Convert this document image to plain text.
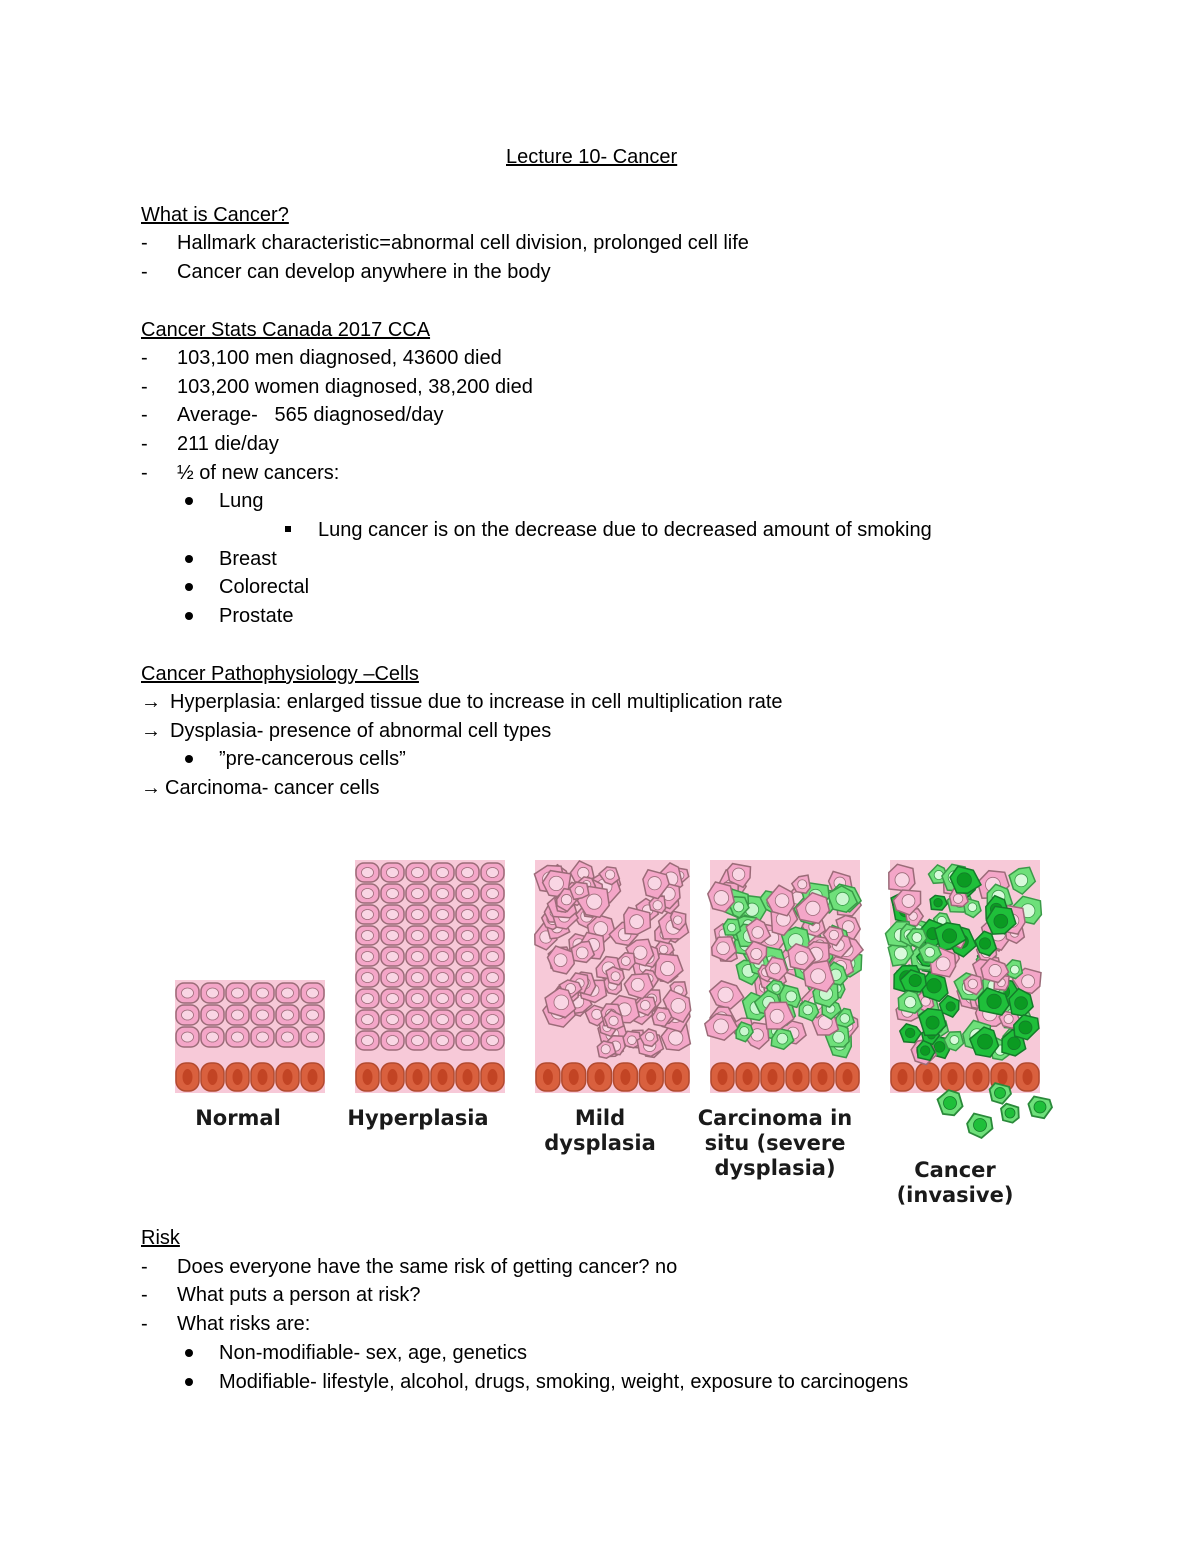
Lecture 10- Cancer
What is Cancer?
- Hallmark characteristic=abnormal cell division, prolonged cell life
- Cancer can develop anywhere in the body
Cancer Stats Canada 2017 CCA
- 103,100 men diagnosed, 43600 died
- 103,200 women diagnosed, 38,200 died
- Average-   565 diagnosed/day
- 211 die/day
- ½ of new cancers:
Lung
Lung cancer is on the decrease due to decreased amount of smoking
Breast
Colorectal
Prostate
Cancer Pathophysiology –Cells
→ Hyperplasia: enlarged tissue due to increase in cell multiplication rate
→ Dysplasia- presence of abnormal cell types
”pre-cancerous cells”
→ Carcinoma- cancer cells
Normal	Hyperplasia	Mild
dysplasia
Carcinoma in
situ (severe
dysplasia)	Cancer
(invasive)
Risk
- Does everyone have the same risk of getting cancer? no
- What puts a person at risk?
- What risks are:
Non-modifiable- sex, age, genetics
Modifiable- lifestyle, alcohol, drugs, smoking, weight, exposure to carcinogens
